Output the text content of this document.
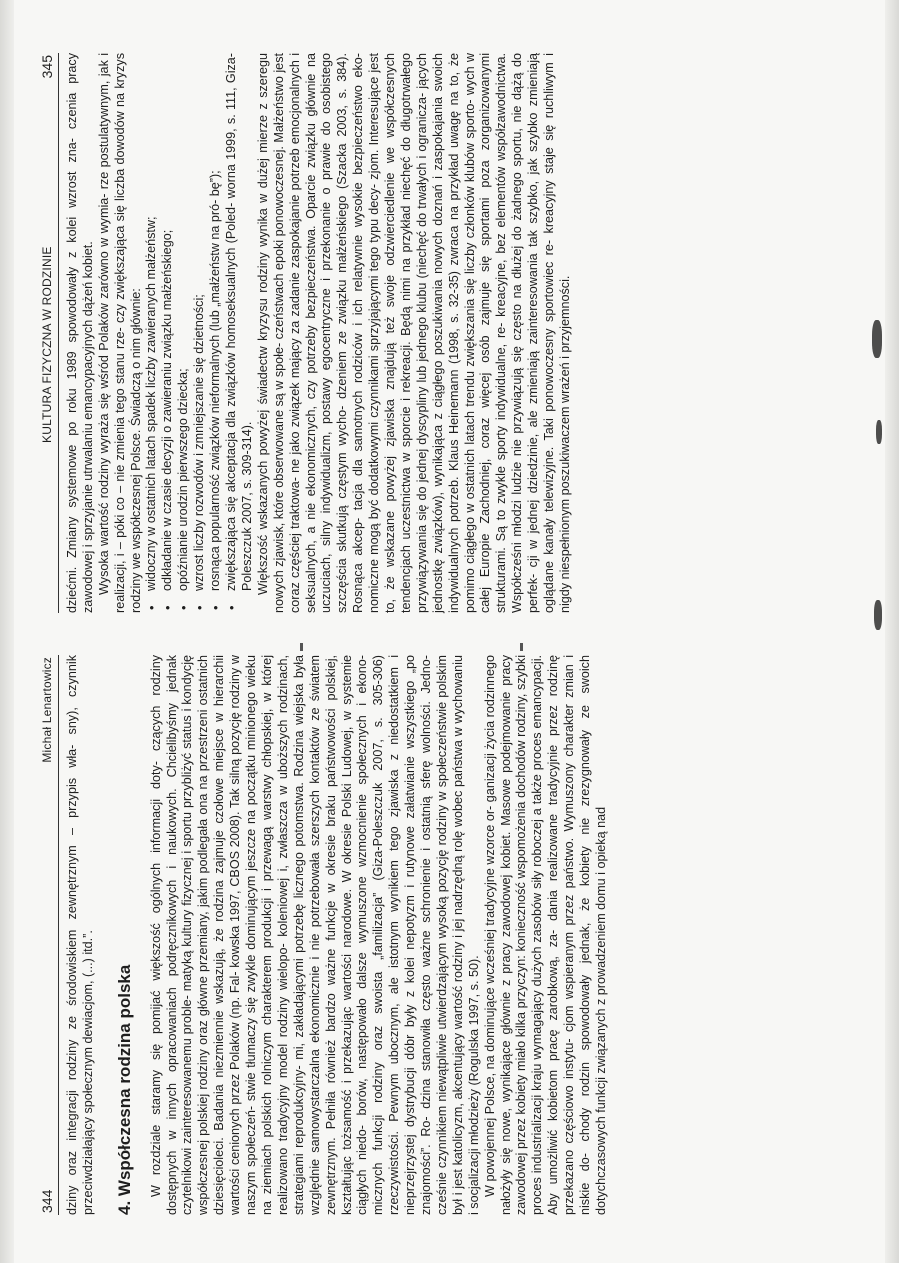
344
Michał Lenartowicz dziny oraz integracji rodziny ze środowiskiem zewnętrznym – przypis wła- sny), czynnik przeciwdziałający społecznym dewiacjom, (...) itd.”. 4. Współczesna rodzina polska W rozdziale staramy się pomijać większość ogólnych informacji doty- czących rodziny dostępnych w innych opracowaniach podręcznikowych i naukowych. Chcielibyśmy jednak czytelnikowi zainteresowanemu proble- matyką kultury fizycznej i sportu przybliżyć status i kondycję współczesnej polskiej rodziny oraz główne przemiany, jakim podlegała ona na przestrzeni ostatnich dziesięcioleci. Badania niezmiennie wskazują, że rodzina zajmuje czołowe miejsce w hierarchii wartości cenionych przez Polaków (np. Fal- kowska 1997, CBOS 2008). Tak silną pozycję rodziny w naszym społeczeń- stwie tłumaczy się zwykle dominującym jeszcze na początku minionego wieku na ziemiach polskich rolniczym charakterem produkcji i przewagą warstwy chłopskiej, w której realizowano tradycyjny model rodziny wielopo- koleniowej i, zwłaszcza w uboższych rodzinach, strategiami reprodukcyjny- mi, zakładającymi potrzebę licznego potomstwa. Rodzina wiejska była względnie samowystarczalna ekonomicznie i nie potrzebowała szerszych kontaktów ze światem zewnętrznym. Pełniła również bardzo ważne funkcje w okresie braku państwowości polskiej, kształtując tożsamość i przekazując wartości narodowe. W okresie Polski Ludowej, w systemie ciągłych niedo- borów, następowało dalsze wymuszone wzmocnienie społecznych i ekono- micznych funkcji rodziny oraz swoista „familizacja” (Giza-Poleszczuk 2007, s. 305-306) rzeczywistości. Pewnym ubocznym, ale istotnym wynikiem tego zjawiska z niedostatkiem i nieprzejrzystej dystrybucji dóbr były z kolei nepotyzm i rutynowe załatwianie wszystkiego „po znajomości”. Ro- dzina stanowiła często ważne schronienie i ostatnią sferę wolności. Jedno- cześnie czynnikiem niewątpliwie utwierdzającym wysoką pozycję rodziny w społeczeństwie polskim był i jest katolicyzm, akcentujący wartość rodziny i jej nadrzędną rolę wobec państwa w wychowaniu i socjalizacji młodzieży (Rogulska 1997, s. 50). W powojennej Polsce, na dominujące wcześniej tradycyjne wzorce or- ganizacji życia rodzinnego nałożyły się nowe, wynikające głównie z pracy zawodowej kobiet. Masowe podejmowanie pracy zawodowej przez kobiety miało kilka przyczyn: konieczność wspomożenia dochodów rodziny, szybki proces industrializacji kraju wymagający dużych zasobów siły roboczej a także proces emancypacji. Aby umożliwić kobietom pracę zarobkową, za- dania realizowane tradycyjnie przez rodzinę przekazano częściowo instytu- cjom wspieranym przez państwo. Wymuszony charakter zmian i niskie do- chody rodzin spowodowały jednak, że kobiety nie zrezygnowały ze swoich dotychczasowych funkcji związanych z prowadzeniem domu i opieką nad

KULTURA FIZYCZNA W RODZINIE
345 dziećmi. Zmiany systemowe po roku 1989 spowodowały z kolei wzrost zna- czenia pracy zawodowej i sprzyjanie utrwalaniu emancypacyjnych dążeń kobiet. Wysoka wartość rodziny wyraża się wśród Polaków zarówno w wymia- rze postulatywnym, jak i realizacji, i – póki co – nie zmienia tego stanu rze- czy zwiększająca się liczba dowodów na kryzys rodziny we współczesnej Polsce. Świadczą o nim głównie: •
widoczny w ostatnich latach spadek liczby zawieranych małżeństw;
•
odkładanie w czasie decyzji o zawieraniu związku małżeńskiego;
•
opóźnianie urodzin pierwszego dziecka;
•
wzrost liczby rozwodów i zmniejszanie się dzietności;
•
rosnąca popularność związków nieformalnych (lub „małżeństw na pró- bę”);
•
zwiększająca się akceptacja dla związków homoseksualnych (Poled- worna 1999, s. 111, Giza-Poleszczuk 2007, s. 309-314). Większość wskazanych powyżej świadectw kryzysu rodziny wynika w dużej mierze z szeregu nowych zjawisk, które obserwowane są w społe- czeństwach epoki ponowoczesnej. Małżeństwo jest coraz częściej traktowa- ne jako związek mający za zadanie zaspokajanie potrzeb emocjonalnych i seksualnych, a nie ekonomicznych, czy potrzeby bezpieczeństwa. Oparcie związku głównie na uczuciach, silny indywidualizm, postawy egocentryczne i przekonanie o prawie do osobistego szczęścia skutkują częstym wycho- dzeniem ze związku małżeńskiego (Szacka 2003, s. 384). Rosnąca akcep- tacja dla samotnych rodziców i ich relatywnie wysokie bezpieczeństwo eko- nomiczne mogą być dodatkowymi czynnikami sprzyjającymi tego typu decy- zjom. Interesujące jest to, że wskazane powyżej zjawiska znajdują też swoje odzwierciedlenie we współczesnych tendencjach uczestnictwa w sporcie i rekreacji. Będą nimi na przykład niechęć do długotrwałego przywiązywania się do jednej dyscypliny lub jednego klubu (niechęć do trwałych i ogranicza- jących jednostkę związków), wynikająca z ciągłego poszukiwania nowych doznań i zaspokajania swoich indywidualnych potrzeb. Klaus Heinemann (1998, s. 32-35) zwraca na przykład uwagę na to, że pomimo ciągłego w ostatnich latach trendu zwiększania się liczby członków klubów sporto- wych w całej Europie Zachodniej, coraz więcej osób zajmuje się sportami poza zorganizowanymi strukturami. Są to zwykle sporty indywidualne, re- kreacyjne, bez elementów współzawodnictwa. Współcześni młodzi ludzie nie przywiązują się często na dłużej do żadnego sportu, nie dążą do perfek- cji w jednej dziedzinie, ale zmieniają zainteresowania tak szybko, jak szybko zmieniają oglądane kanały telewizyjne. Taki ponowoczesny sportowiec re- kreacyjny staje się ruchliwym i nigdy niespełnionym poszukiwaczem wrażeń i przyjemności.
